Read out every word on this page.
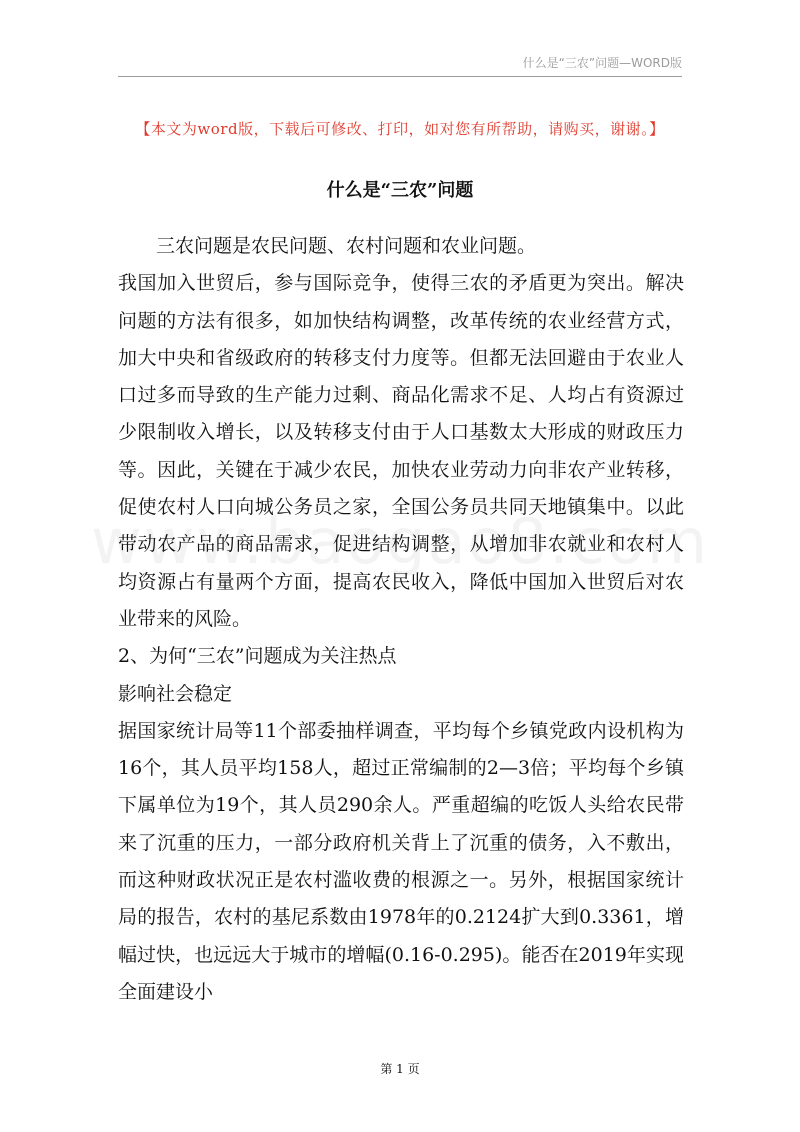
什么是“三农”问题—WORD版
【本文为word版，下载后可修改、打印，如对您有所帮助，请购买，谢谢。】
什么是“三农”问题

三农问题是农民问题、农村问题和农业问题。

我国加入世贸后，参与国际竞争，使得三农的矛盾更为突出。解决问题的方法有很多，如加快结构调整，改革传统的农业经营方式，加大中央和省级政府的转移支付力度等。但都无法回避由于农业人口过多而导致的生产能力过剩、商品化需求不足、人均占有资源过少限制收入增长，以及转移支付由于人口基数太大形成的财政压力等。因此，关键在于减少农民，加快农业劳动力向非农产业转移，促使农村人口向城公务员之家，全国公务员共同天地镇集中。以此带动农产品的商品需求，促进结构调整，从增加非农就业和农村人均资源占有量两个方面，提高农民收入，降低中国加入世贸后对农业带来的风险。

2、为何“三农”问题成为关注热点

影响社会稳定

据国家统计局等11个部委抽样调查，平均每个乡镇党政内设机构为16个，其人员平均158人，超过正常编制的2—3倍；平均每个乡镇下属单位为19个，其人员290余人。严重超编的吃饭人头给农民带来了沉重的压力，一部分政府机关背上了沉重的债务，入不敷出，而这种财政状况正是农村滥收费的根源之一。另外，根据国家统计局的报告，农村的基尼系数由1978年的0.2124扩大到0.3361，增幅过快，也远远大于城市的增幅(0.16-0.295)。能否在2019年实现全面建设小

第 1 页
